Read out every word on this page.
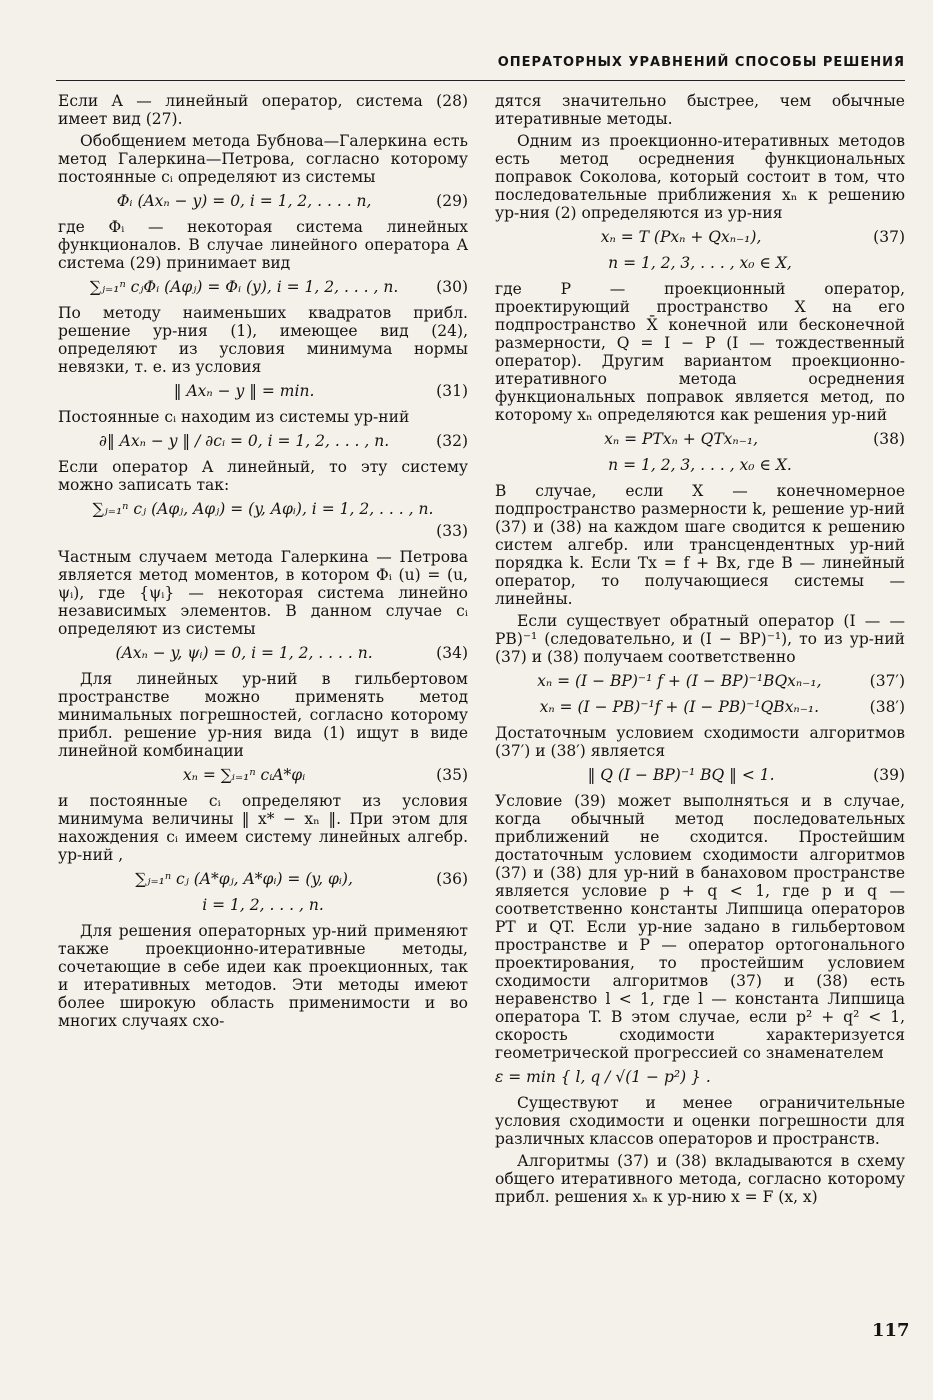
ОПЕРАТОРНЫХ УРАВНЕНИЙ СПОСОБЫ РЕШЕНИЯ

Если A — линейный оператор, система (28) имеет вид (27).

Обобщением метода Бубнова—Галеркина есть метод Галеркина—Петрова, согласно которому постоянные cᵢ определяют из системы

Φᵢ (Axₙ − y) = 0, i = 1, 2, . . . . n,	(29)

где Φᵢ — некоторая система линейных функционалов. В случае линейного оператора A система (29) принимает вид

∑ⱼ₌₁ⁿ cⱼΦᵢ (Aφⱼ) = Φᵢ (y), i = 1, 2, . . . , n.	(30)

По методу наименьших квадратов прибл. решение ур-ния (1), имеющее вид (24), определяют из условия минимума нормы невязки, т. е. из условия

‖ Axₙ − y ‖ = min.	(31)

Постоянные cᵢ находим из системы ур-ний

∂‖ Axₙ − y ‖ / ∂cᵢ = 0, i = 1, 2, . . . , n.	(32)

Если оператор A линейный, то эту систему можно записать так:

∑ⱼ₌₁ⁿ cⱼ (Aφⱼ, Aφⱼ) = (y, Aφᵢ), i = 1, 2, . . . , n.
(33)

Частным случаем метода Галеркина — Петрова является метод моментов, в котором Φᵢ (u) = (u, ψᵢ), где {ψᵢ} — некоторая система линейно независимых элементов. В данном случае cᵢ определяют из системы

(Axₙ − y, ψᵢ) = 0, i = 1, 2, . . . . n.	(34)

Для линейных ур-ний в гильбертовом пространстве можно применять метод минимальных погрешностей, согласно которому прибл. решение ур-ния вида (1) ищут в виде линейной комбинации

xₙ = ∑ᵢ₌₁ⁿ cᵢA*φᵢ	(35)

и постоянные cᵢ определяют из условия минимума величины ‖ x* − xₙ ‖. При этом для нахождения cᵢ имеем систему линейных алгебр. ур-ний ,

∑ⱼ₌₁ⁿ cⱼ (A*φⱼ, A*φᵢ) = (y, φᵢ),	(36)
i = 1, 2, . . . , n.

Для решения операторных ур-ний применяют также проекционно-итеративные методы, сочетающие в себе идеи как проекционных, так и итеративных методов. Эти методы имеют более широкую область применимости и во многих случаях схо-

дятся значительно быстрее, чем обычные итеративные методы.

Одним из проекционно-итеративных методов есть метод осреднения функциональных поправок Соколова, который состоит в том, что последовательные приближения xₙ к решению ур-ния (2) определяются из ур-ния

xₙ = T (Pxₙ + Qxₙ₋₁),	(37)
n = 1, 2, 3, . . . , x₀ ∈ X,

где P — проекционный оператор, проектирующий пространство X на его подпространство X̄ конечной или бесконечной размерности, Q = I − P (I — тождественный оператор). Другим вариантом проекционно-итеративного метода осреднения функциональных поправок является метод, по которому xₙ определяются как решения ур-ний

xₙ = PTxₙ + QTxₙ₋₁,	(38)
n = 1, 2, 3, . . . , x₀ ∈ X.

В случае, если X — конечномерное подпространство размерности k, решение ур-ний (37) и (38) на каждом шаге сводится к решению систем алгебр. или трансцендентных ур-ний порядка k. Если Tx = f + Bx, где B — линейный оператор, то получающиеся системы — линейны.

Если существует обратный оператор (I — — PB)⁻¹ (следовательно, и (I − BP)⁻¹), то из ур-ний (37) и (38) получаем соответственно

xₙ = (I − BP)⁻¹ f + (I − BP)⁻¹BQxₙ₋₁,	(37′)
xₙ = (I − PB)⁻¹f + (I − PB)⁻¹QBxₙ₋₁.	(38′)

Достаточным условием сходимости алгоритмов (37′) и (38′) является

‖ Q (I − BP)⁻¹ BQ ‖ < 1.	(39)

Условие (39) может выполняться и в случае, когда обычный метод последовательных приближений не сходится. Простейшим достаточным условием сходимости алгоритмов (37) и (38) для ур-ний в банаховом пространстве является условие p + q < 1, где p и q — соответственно константы Липшица операторов PT и QT. Если ур-ние задано в гильбертовом пространстве и P — оператор ортогонального проектирования, то простейшим условием сходимости алгоритмов (37) и (38) есть неравенство l < 1, где l — константа Липшица оператора T. В этом случае, если p² + q² < 1, скорость сходимости характеризуется геометрической прогрессией со знаменателем

ε = min { l, q / √(1 − p²) } .

Существуют и менее ограничительные условия сходимости и оценки погрешности для различных классов операторов и пространств.

Алгоритмы (37) и (38) вкладываются в схему общего итеративного метода, согласно которому прибл. решения xₙ к ур-нию x = F (x, x)

117
